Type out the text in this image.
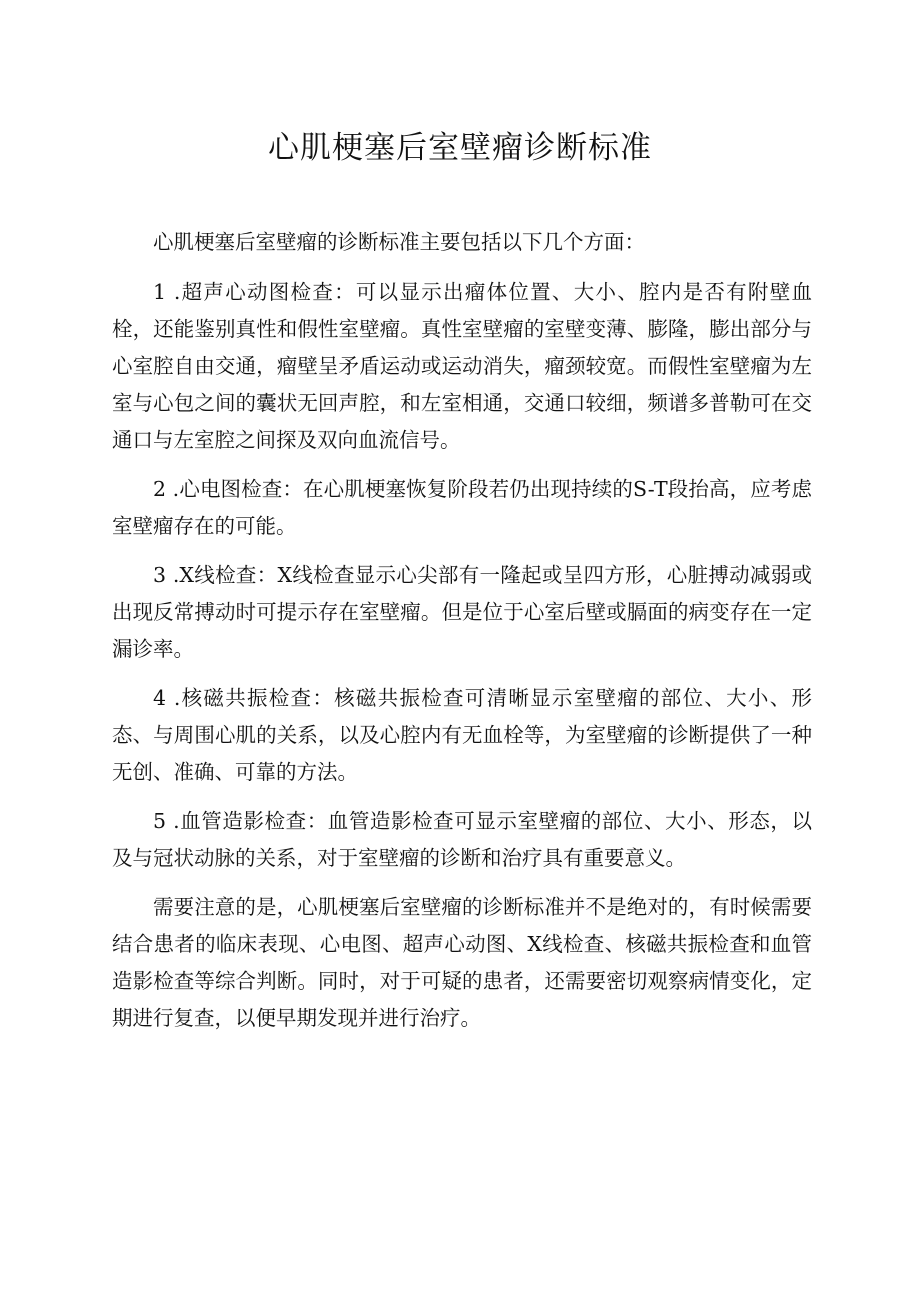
心肌梗塞后室壁瘤诊断标准

心肌梗塞后室壁瘤的诊断标准主要包括以下几个方面：

1 .超声心动图检查：可以显示出瘤体位置、大小、腔内是否有附壁血栓，还能鉴别真性和假性室壁瘤。真性室壁瘤的室壁变薄、膨隆，膨出部分与心室腔自由交通，瘤壁呈矛盾运动或运动消失，瘤颈较宽。而假性室壁瘤为左室与心包之间的囊状无回声腔，和左室相通，交通口较细，频谱多普勒可在交通口与左室腔之间探及双向血流信号。

2 .心电图检查：在心肌梗塞恢复阶段若仍出现持续的S-T段抬高，应考虑室壁瘤存在的可能。

3 .X线检查：X线检查显示心尖部有一隆起或呈四方形，心脏搏动减弱或出现反常搏动时可提示存在室壁瘤。但是位于心室后壁或膈面的病变存在一定漏诊率。

4 .核磁共振检查：核磁共振检查可清晰显示室壁瘤的部位、大小、形态、与周围心肌的关系，以及心腔内有无血栓等，为室壁瘤的诊断提供了一种无创、准确、可靠的方法。

5 .血管造影检查：血管造影检查可显示室壁瘤的部位、大小、形态，以及与冠状动脉的关系，对于室壁瘤的诊断和治疗具有重要意义。

需要注意的是，心肌梗塞后室壁瘤的诊断标准并不是绝对的，有时候需要结合患者的临床表现、心电图、超声心动图、X线检查、核磁共振检查和血管造影检查等综合判断。同时，对于可疑的患者，还需要密切观察病情变化，定期进行复查，以便早期发现并进行治疗。
